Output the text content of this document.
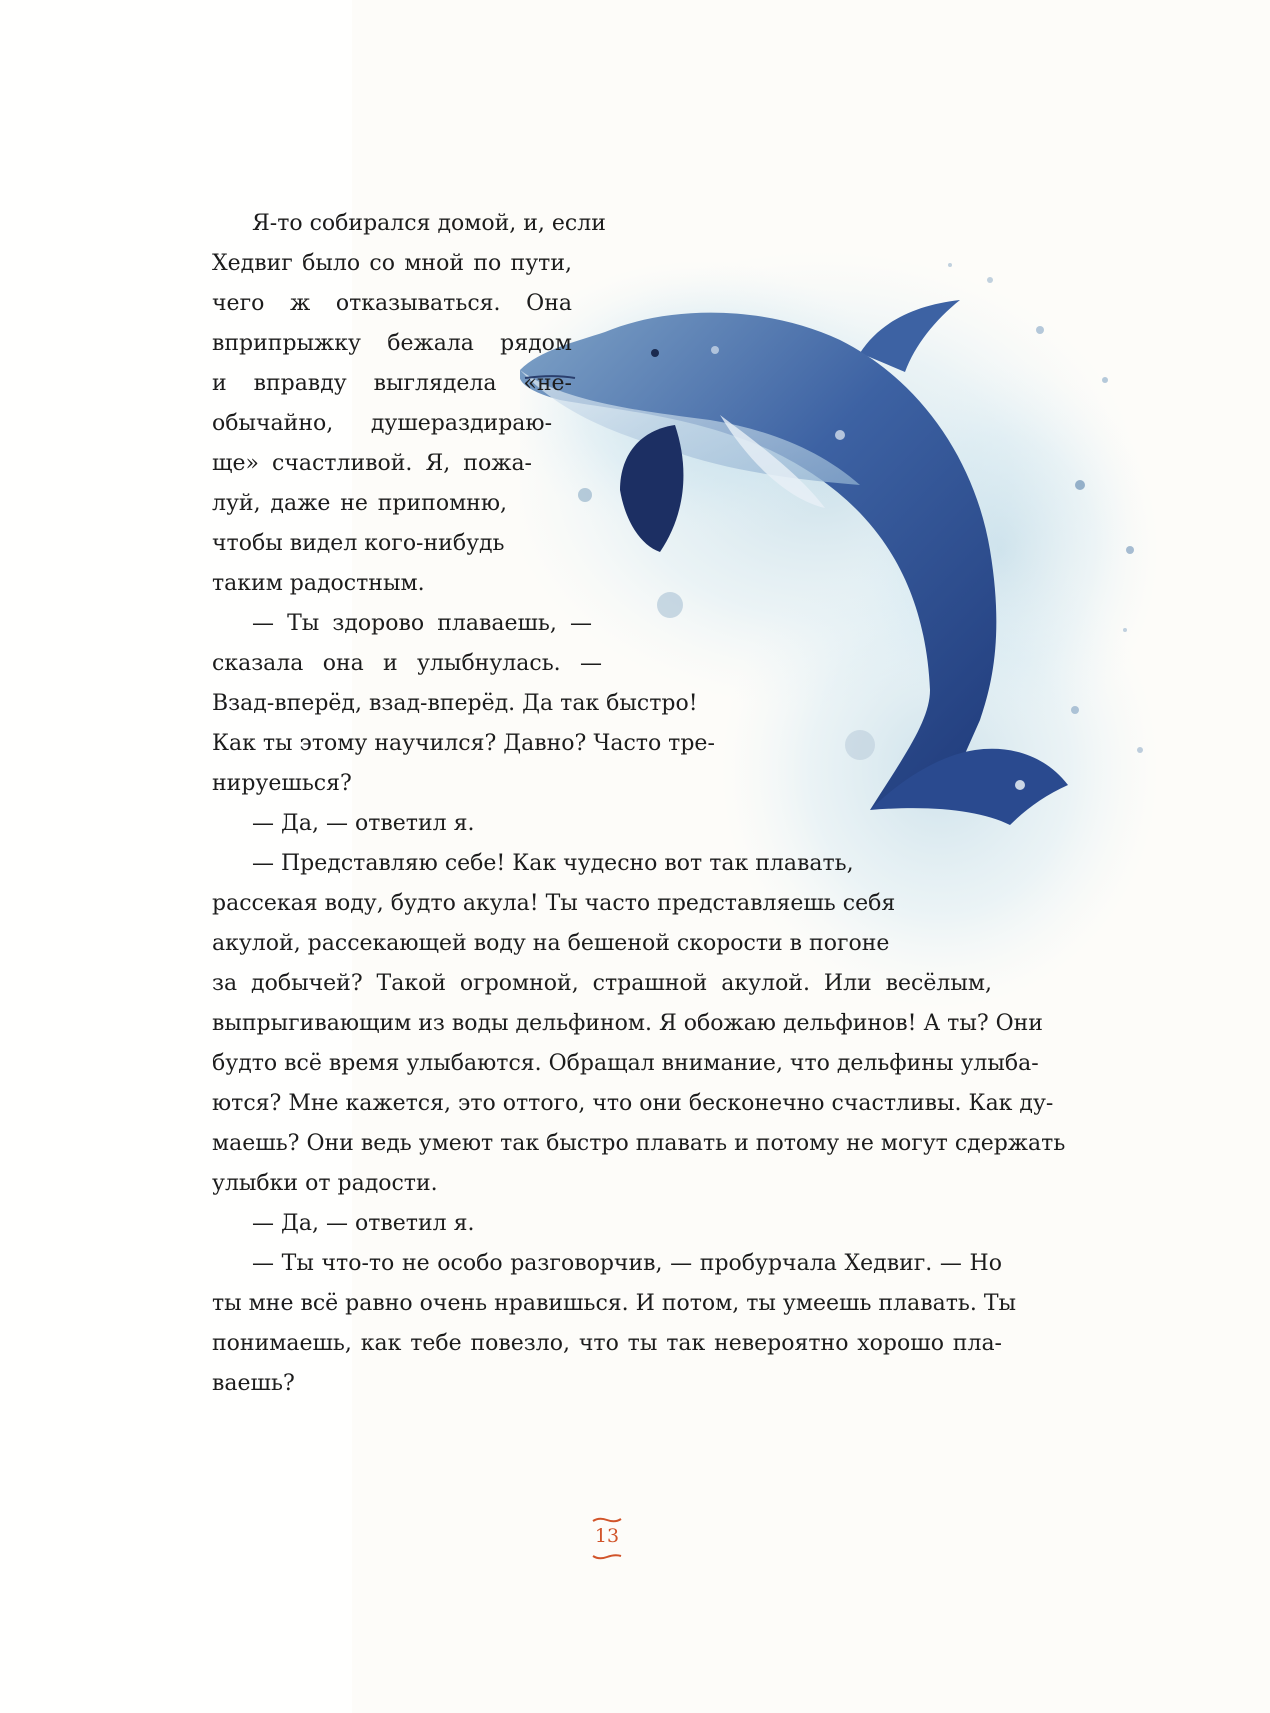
Я-то собирался домой, и, если
Хедвиг было со мной по пути,
чего ж отказываться. Она
вприпрыжку бежала рядом
и вправду выглядела «не-
обычайно, душераздираю-
ще» счастливой. Я, пожа-
луй, даже не припомню,
чтобы видел кого-нибудь
таким радостным.
— Ты здорово плаваешь, —
сказала она и улыбнулась. —
Взад-вперёд, взад-вперёд. Да так быстро!
Как ты этому научился? Давно? Часто тре-
нируешься?
— Да, — ответил я.
— Представляю себе! Как чудесно вот так плавать,
рассекая воду, будто акула! Ты часто представляешь себя
акулой, рассекающей воду на бешеной скорости в погоне
за добычей? Такой огромной, страшной акулой. Или весёлым,
выпрыгивающим из воды дельфином. Я обожаю дельфинов! А ты? Они
будто всё время улыбаются. Обращал внимание, что дельфины улыба-
ются? Мне кажется, это оттого, что они бесконечно счастливы. Как ду-
маешь? Они ведь умеют так быстро плавать и потому не могут сдержать
улыбки от радости.
— Да, — ответил я.
— Ты что-то не особо разговорчив, — пробурчала Хедвиг. — Но
ты мне всё равно очень нравишься. И потом, ты умеешь плавать. Ты
понимаешь, как тебе повезло, что ты так невероятно хорошо пла-
ваешь?
13
